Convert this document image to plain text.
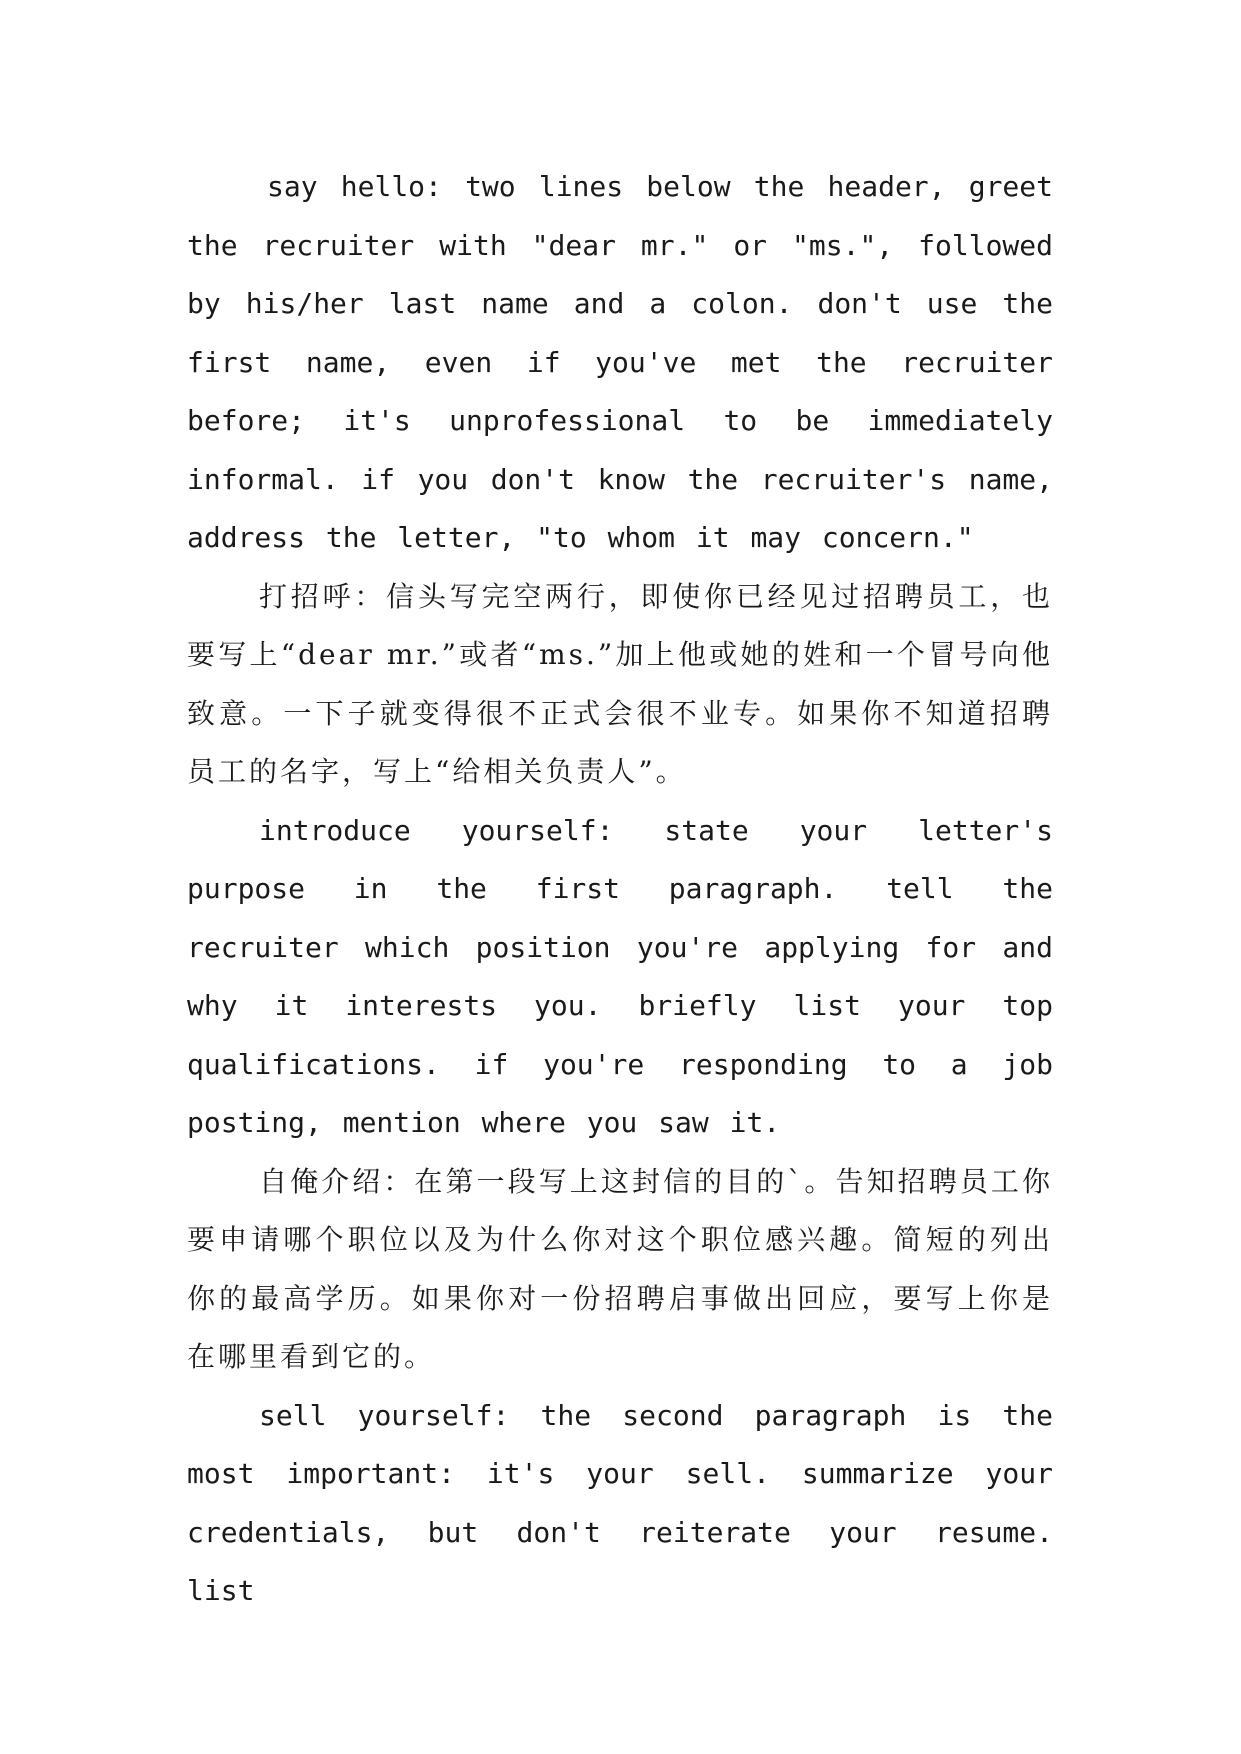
say hello: two lines below the header, greet the recruiter with "dear mr." or "ms.", followed by his/her last name and a colon. don't use the first name, even if you've met the recruiter before; it's unprofessional to be immediately informal. if you don't know the recruiter's name, address the letter, "to whom it may concern."

打招呼：信头写完空两行，即使你已经见过招聘员工，也要写上“dear mr.”或者“ms.”加上他或她的姓和一个冒号向他致意。一下子就变得很不正式会很不业专。如果你不知道招聘员工的名字，写上“给相关负责人”。

introduce yourself: state your letter's purpose in the first paragraph. tell the recruiter which position you're applying for and why it interests you. briefly list your top qualifications. if you're responding to a job posting, mention where you saw it.

自俺介绍：在第一段写上这封信的目的`。告知招聘员工你要申请哪个职位以及为什么你对这个职位感兴趣。简短的列出你的最高学历。如果你对一份招聘启事做出回应，要写上你是在哪里看到它的。

sell yourself: the second paragraph is the most important: it's your sell. summarize your credentials, but don't reiterate your resume. list
